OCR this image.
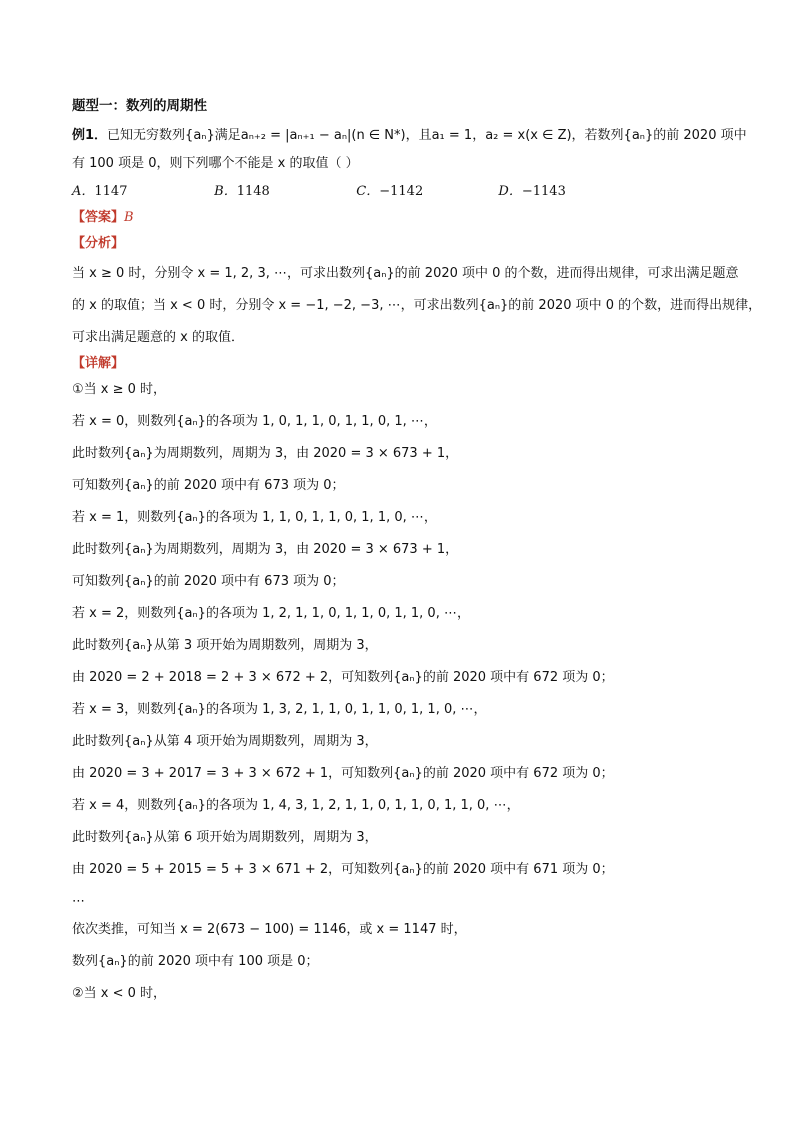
题型一：数列的周期性
例1．已知无穷数列{aₙ}满足aₙ₊₂ = |aₙ₊₁ − aₙ|(n ∈ N*)，且a₁ = 1，a₂ = x(x ∈ Z)，若数列{aₙ}的前 2020 项中
有 100 项是 0，则下列哪个不能是 x 的取值（ ）
A．1147	B．1148	C．−1142	D．−1143
【答案】B
【分析】
当 x ≥ 0 时，分别令 x = 1, 2, 3, ⋯，可求出数列{aₙ}的前 2020 项中 0 的个数，进而得出规律，可求出满足题意
的 x 的取值；当 x < 0 时，分别令 x = −1, −2, −3, ⋯，可求出数列{aₙ}的前 2020 项中 0 的个数，进而得出规律，
可求出满足题意的 x 的取值．
【详解】
①当 x ≥ 0 时，
若 x = 0，则数列{aₙ}的各项为 1, 0, 1, 1, 0, 1, 1, 0, 1, ⋯，
此时数列{aₙ}为周期数列，周期为 3，由 2020 = 3 × 673 + 1，
可知数列{aₙ}的前 2020 项中有 673 项为 0；
若 x = 1，则数列{aₙ}的各项为 1, 1, 0, 1, 1, 0, 1, 1, 0, ⋯，
此时数列{aₙ}为周期数列，周期为 3，由 2020 = 3 × 673 + 1，
可知数列{aₙ}的前 2020 项中有 673 项为 0；
若 x = 2，则数列{aₙ}的各项为 1, 2, 1, 1, 0, 1, 1, 0, 1, 1, 0, ⋯，
此时数列{aₙ}从第 3 项开始为周期数列，周期为 3，
由 2020 = 2 + 2018 = 2 + 3 × 672 + 2，可知数列{aₙ}的前 2020 项中有 672 项为 0；
若 x = 3，则数列{aₙ}的各项为 1, 3, 2, 1, 1, 0, 1, 1, 0, 1, 1, 0, ⋯，
此时数列{aₙ}从第 4 项开始为周期数列，周期为 3，
由 2020 = 3 + 2017 = 3 + 3 × 672 + 1，可知数列{aₙ}的前 2020 项中有 672 项为 0；
若 x = 4，则数列{aₙ}的各项为 1, 4, 3, 1, 2, 1, 1, 0, 1, 1, 0, 1, 1, 0, ⋯，
此时数列{aₙ}从第 6 项开始为周期数列，周期为 3，
由 2020 = 5 + 2015 = 5 + 3 × 671 + 2，可知数列{aₙ}的前 2020 项中有 671 项为 0；
⋯
依次类推，可知当 x = 2(673 − 100) = 1146，或 x = 1147 时，
数列{aₙ}的前 2020 项中有 100 项是 0；
②当 x < 0 时，
